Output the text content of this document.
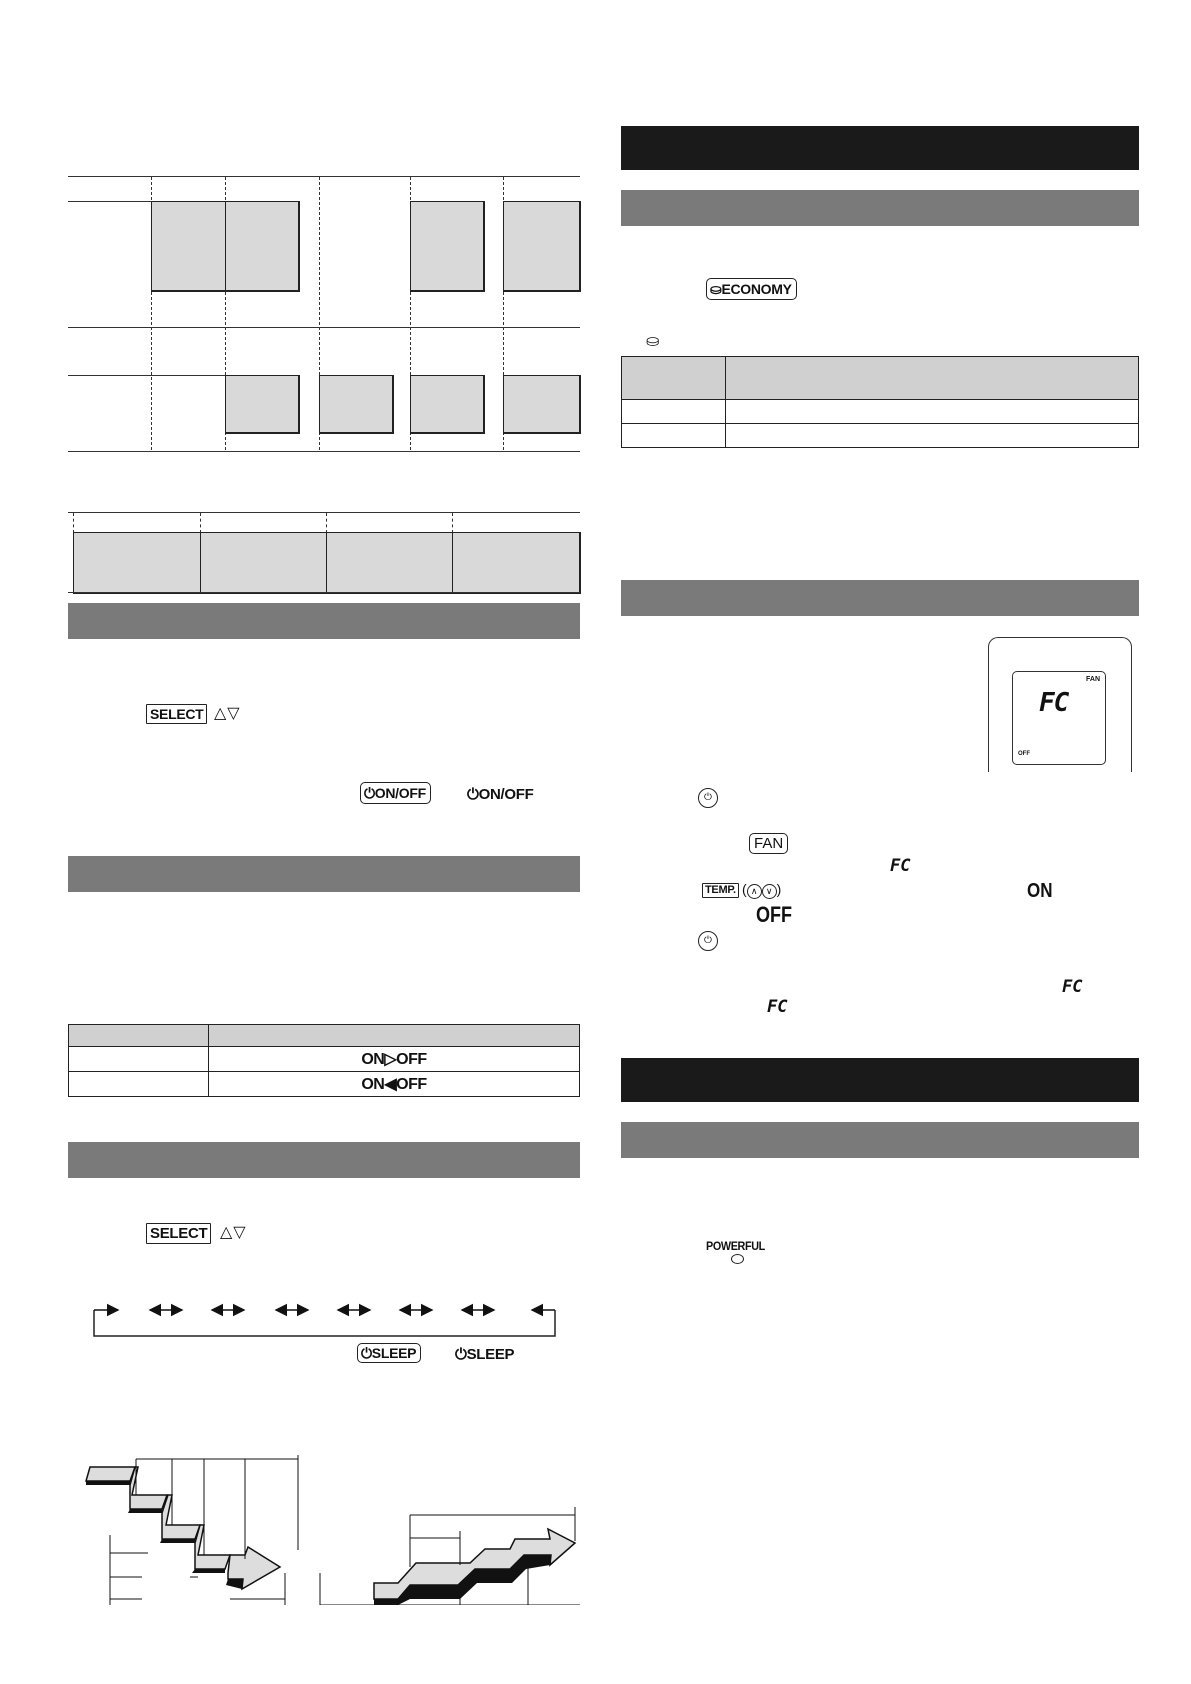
SELECT △▽
⏻ON/OFF	⏻ON/OFF

	ON▷OFF
	ON◀OFF
SELECT △▽
⏻SLEEP	⏻SLEEP
⛀ECONOMY
⛀

FAN
FC
OFF
⏻
FAN
FC
TEMP. ( ∧ ∨ )	ON
OFF
⏻
FC
FC
POWERFUL
